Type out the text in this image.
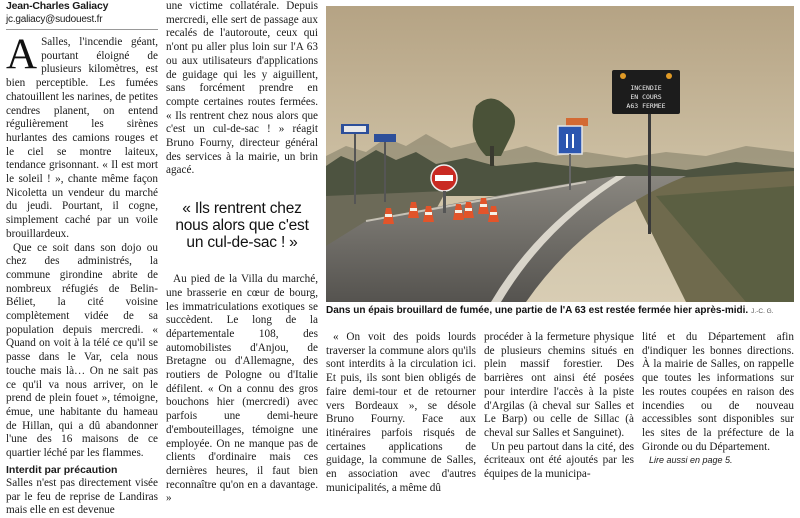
Jean-Charles Galiacy
jc.galiacy@sudouest.fr

A Salles, l'incendie géant, pourtant éloigné de plusieurs kilomètres, est bien perceptible. Les fumées chatouillent les narines, de petites cendres planent, on entend régulièrement les sirènes hurlantes des camions rouges et le ciel se montre laiteux, tendance grisonnant. « Il est mort le soleil ! », chante même façon Nicoletta un vendeur du marché du jeudi. Pourtant, il cogne, simplement caché par un voile brouillardeux.

Que ce soit dans son dojo ou chez des administrés, la commune girondine abrite de nombreux réfugiés de Belin-Béliet, la cité voisine complètement vidée de sa population depuis mercredi. « Quand on voit à la télé ce qu'il se passe dans le Var, cela nous touche mais là… On ne sait pas ce qu'il va nous arriver, on le prend de plein fouet », témoigne, émue, une habitante du hameau de Hillan, qui a dû abandonner l'une des 16 maisons de ce quartier léché par les flammes.

Interdit par précaution

Salles n'est pas directement visée par le feu de reprise de Landiras mais elle en est devenue

une victime collatérale. Depuis mercredi, elle sert de passage aux recalés de l'autoroute, ceux qui n'ont pu aller plus loin sur l'A 63 ou aux utilisateurs d'applications de guidage qui les y aiguillent, sans forcément prendre en compte certaines routes fermées. « Ils rentrent chez nous alors que c'est un cul-de-sac ! » réagit Bruno Fourny, directeur général des services à la mairie, un brin agacé.

« Ils rentrent chez nous alors que c'est un cul-de-sac ! »

Au pied de la Villa du marché, une brasserie en cœur de bourg, les immatriculations exotiques se succèdent. Le long de la départementale 108, des automobilistes d'Anjou, de Bretagne ou d'Allemagne, des routiers de Pologne ou d'Italie défilent. « On a connu des gros bouchons hier (mercredi) avec parfois une demi-heure d'embouteillages, témoigne une employée. On ne manque pas de clients d'ordinaire mais ces dernières heures, il faut bien reconnaître qu'on en a davantage. »

INCENDIE
EN COURS
A63 FERMEE
Dans un épais brouillard de fumée, une partie de l'A 63 est restée fermée hier après-midi. J.-C. G.

« On voit des poids lourds traverser la commune alors qu'ils sont interdits à la circulation ici. Et puis, ils sont bien obligés de faire demi-tour et de retourner vers Bordeaux », se désole Bruno Fourny. Face aux itinéraires parfois risqués de certaines applications de guidage, la commune de Salles, en association avec d'autres municipalités, a même dû

procéder à la fermeture physique de plusieurs chemins situés en plein massif forestier. Des barrières ont ainsi été posées pour interdire l'accès à la piste d'Argilas (à cheval sur Salles et Le Barp) ou celle de Sillac (à cheval sur Salles et Sanguinet).

Un peu partout dans la cité, des écriteaux ont été ajoutés par les équipes de la municipa-

lité et du Département afin d'indiquer les bonnes directions. À la mairie de Salles, on rappelle que toutes les informations sur les routes coupées en raison des incendies ou de nouveau accessibles sont disponibles sur les sites de la préfecture de la Gironde ou du Département.

Lire aussi en page 5.
